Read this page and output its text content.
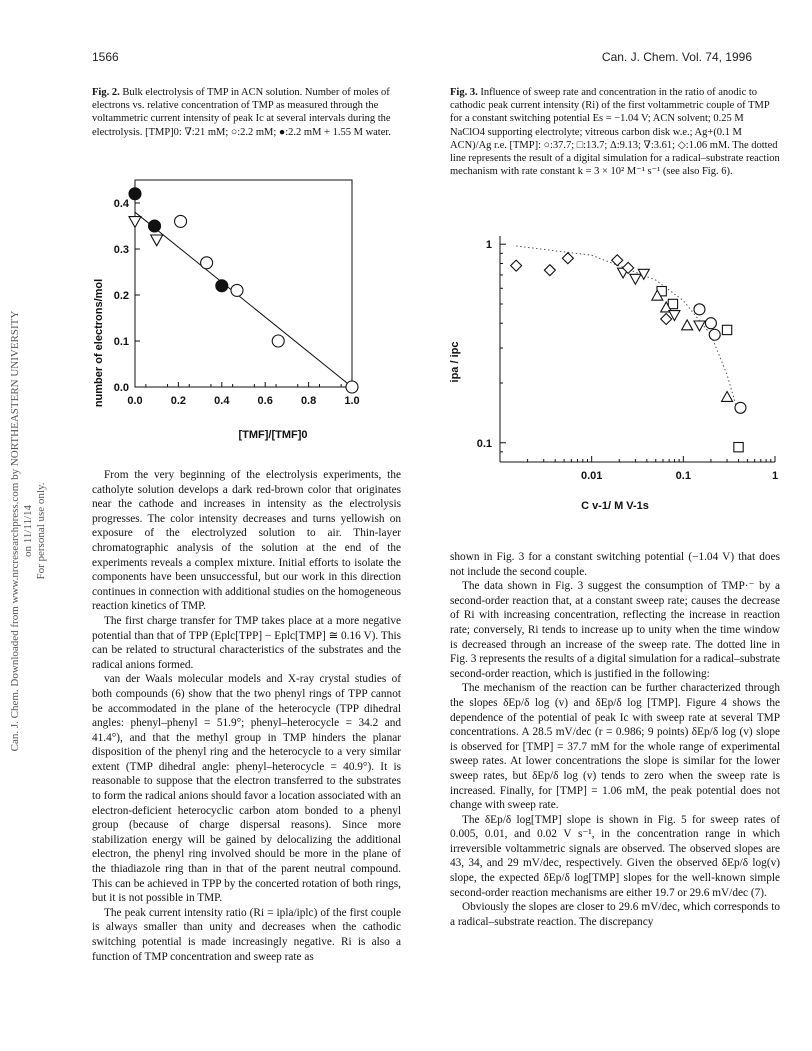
1566	Can. J. Chem. Vol. 74, 1996
Can. J. Chem. Downloaded from www.nrcresearchpress.com by NORTHEASTERN UNIVERSITY on 11/11/14 For personal use only.
Fig. 2. Bulk electrolysis of TMP in ACN solution. Number of moles of electrons vs. relative concentration of TMP as measured through the voltammetric current intensity of peak Ic at several intervals during the electrolysis. [TMP]0: ∇:21 mM; ○:2.2 mM; ●:2.2 mM + 1.55 M water.
number of electrons/mol
[TMF]/[TMF]0
0.0	0.2	0.4	0.6	0.8	1.0
0.0
0.1
0.2
0.3
0.4
Fig. 3. Influence of sweep rate and concentration in the ratio of anodic to cathodic peak current intensity (Ri) of the first voltammetric couple of TMP for a constant switching potential Es = −1.04 V; ACN solvent; 0.25 M NaClO4 supporting electrolyte; vitreous carbon disk w.e.; Ag+(0.1 M ACN)/Ag r.e. [TMP]: ○:37.7; □:13.7; Δ:9.13; ∇:3.61; ◇:1.06 mM. The dotted line represents the result of a digital simulation for a radical–substrate reaction mechanism with rate constant k = 3 × 10² M⁻¹ s⁻¹ (see also Fig. 6).
ipa / ipc
C v-1/ M V-1s
0.01	0.1	1
0.1
1

From the very beginning of the electrolysis experiments, the catholyte solution develops a dark red-brown color that originates near the cathode and increases in intensity as the electrolysis progresses. The color intensity decreases and turns yellowish on exposure of the electrolyzed solution to air. Thin-layer chromatographic analysis of the solution at the end of the experiments reveals a complex mixture. Initial efforts to isolate the components have been unsuccessful, but our work in this direction continues in connection with additional studies on the homogeneous reaction kinetics of TMP.

The first charge transfer for TMP takes place at a more negative potential than that of TPP (Eplc[TPP] − Eplc[TMP] ≅ 0.16 V). This can be related to structural characteristics of the substrates and the radical anions formed.

van der Waals molecular models and X-ray crystal studies of both compounds (6) show that the two phenyl rings of TPP cannot be accommodated in the plane of the heterocycle (TPP dihedral angles: phenyl–phenyl = 51.9°; phenyl–heterocycle = 34.2 and 41.4°), and that the methyl group in TMP hinders the planar disposition of the phenyl ring and the heterocycle to a very similar extent (TMP dihedral angle: phenyl–heterocycle = 40.9°). It is reasonable to suppose that the electron transferred to the substrates to form the radical anions should favor a location associated with an electron-deficient heterocyclic carbon atom bonded to a phenyl group (because of charge dispersal reasons). Since more stabilization energy will be gained by delocalizing the additional electron, the phenyl ring involved should be more in the plane of the thiadiazole ring than in that of the parent neutral compound. This can be achieved in TPP by the concerted rotation of both rings, but it is not possible in TMP.

The peak current intensity ratio (Ri = ipla/iplc) of the first couple is always smaller than unity and decreases when the cathodic switching potential is made increasingly negative. Ri is also a function of TMP concentration and sweep rate as

shown in Fig. 3 for a constant switching potential (−1.04 V) that does not include the second couple.

The data shown in Fig. 3 suggest the consumption of TMP·⁻ by a second-order reaction that, at a constant sweep rate; causes the decrease of Ri with increasing concentration, reflecting the increase in reaction rate; conversely, Ri tends to increase up to unity when the time window is decreased through an increase of the sweep rate. The dotted line in Fig. 3 represents the results of a digital simulation for a radical–substrate second-order reaction, which is justified in the following:

The mechanism of the reaction can be further characterized through the slopes δEp/δ log (v) and δEp/δ log [TMP]. Figure 4 shows the dependence of the potential of peak Ic with sweep rate at several TMP concentrations. A 28.5 mV/dec (r = 0.986; 9 points) δEp/δ log (v) slope is observed for [TMP] = 37.7 mM for the whole range of experimental sweep rates. At lower concentrations the slope is similar for the lower sweep rates, but δEp/δ log (v) tends to zero when the sweep rate is increased. Finally, for [TMP] = 1.06 mM, the peak potential does not change with sweep rate.

The δEp/δ log[TMP] slope is shown in Fig. 5 for sweep rates of 0.005, 0.01, and 0.02 V s⁻¹, in the concentration range in which irreversible voltammetric signals are observed. The observed slopes are 43, 34, and 29 mV/dec, respectively. Given the observed δEp/δ log(v) slope, the expected δEp/δ log[TMP] slopes for the well-known simple second-order reaction mechanisms are either 19.7 or 29.6 mV/dec (7).

Obviously the slopes are closer to 29.6 mV/dec, which corresponds to a radical–substrate reaction. The discrepancy
